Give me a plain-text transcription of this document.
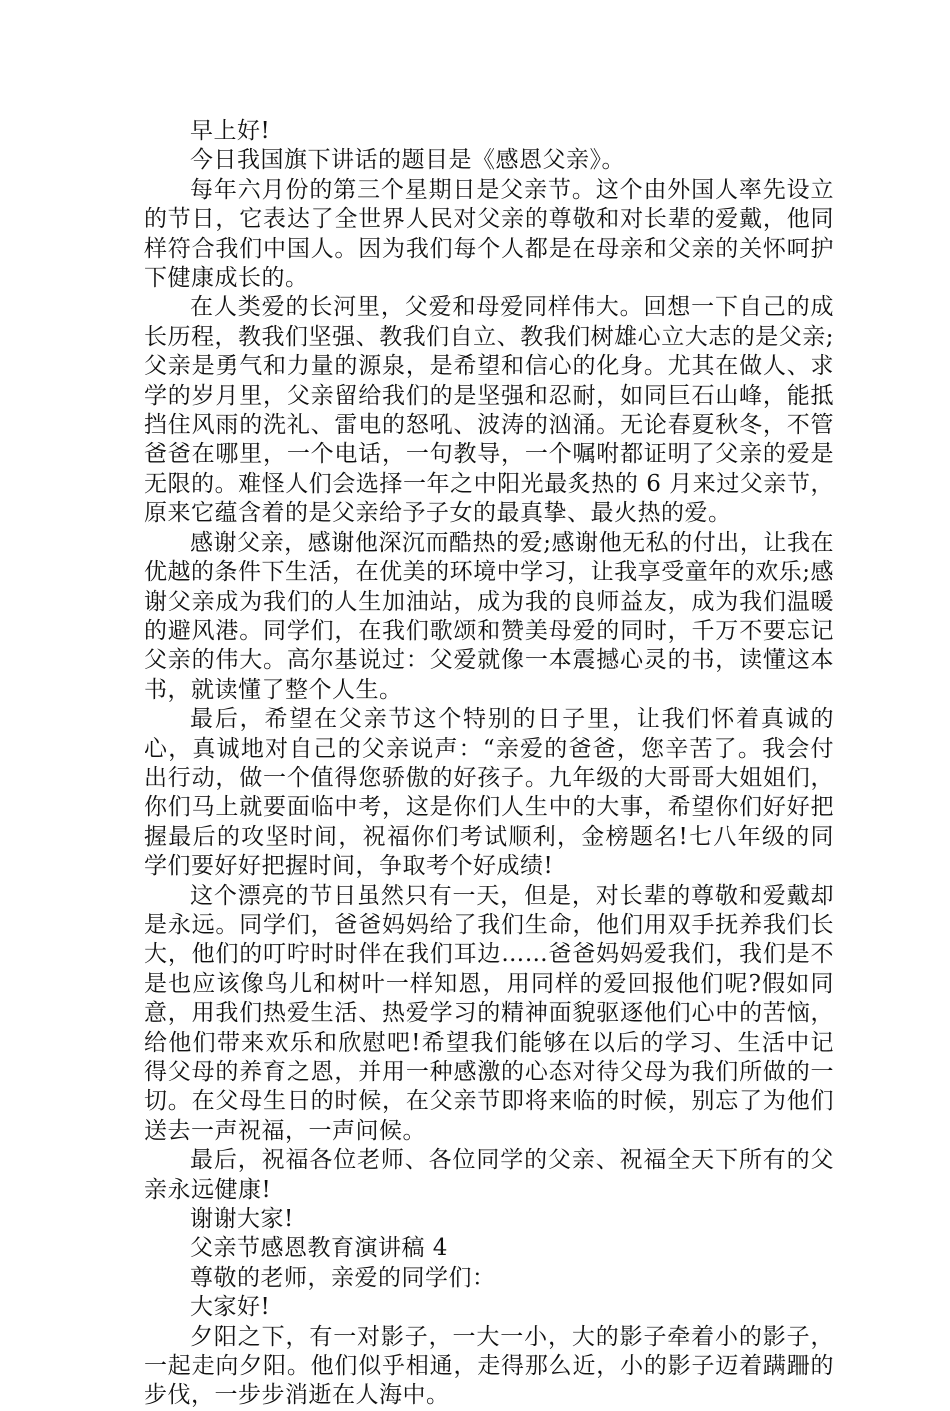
早上好!

今日我国旗下讲话的题目是《感恩父亲》。

每年六月份的第三个星期日是父亲节。这个由外国人率先设立的节日，它表达了全世界人民对父亲的尊敬和对长辈的爱戴，他同样符合我们中国人。因为我们每个人都是在母亲和父亲的关怀呵护下健康成长的。

在人类爱的长河里，父爱和母爱同样伟大。回想一下自己的成长历程，教我们坚强、教我们自立、教我们树雄心立大志的是父亲;父亲是勇气和力量的源泉，是希望和信心的化身。尤其在做人、求学的岁月里，父亲留给我们的是坚强和忍耐，如同巨石山峰，能抵挡住风雨的洗礼、雷电的怒吼、波涛的汹涌。无论春夏秋冬，不管爸爸在哪里，一个电话，一句教导，一个嘱咐都证明了父亲的爱是无限的。难怪人们会选择一年之中阳光最炙热的 6 月来过父亲节，原来它蕴含着的是父亲给予子女的最真挚、最火热的爱。

感谢父亲，感谢他深沉而酷热的爱;感谢他无私的付出，让我在优越的条件下生活，在优美的环境中学习，让我享受童年的欢乐;感谢父亲成为我们的人生加油站，成为我的良师益友，成为我们温暖的避风港。同学们，在我们歌颂和赞美母爱的同时，千万不要忘记父亲的伟大。高尔基说过：父爱就像一本震撼心灵的书，读懂这本书，就读懂了整个人生。

最后，希望在父亲节这个特别的日子里，让我们怀着真诚的心，真诚地对自己的父亲说声：“亲爱的爸爸，您辛苦了。我会付出行动，做一个值得您骄傲的好孩子。九年级的大哥哥大姐姐们，你们马上就要面临中考，这是你们人生中的大事，希望你们好好把握最后的攻坚时间，祝福你们考试顺利，金榜题名!七八年级的同学们要好好把握时间，争取考个好成绩!

这个漂亮的节日虽然只有一天，但是，对长辈的尊敬和爱戴却是永远。同学们，爸爸妈妈给了我们生命，他们用双手抚养我们长大，他们的叮咛时时伴在我们耳边……爸爸妈妈爱我们，我们是不是也应该像鸟儿和树叶一样知恩，用同样的爱回报他们呢?假如同意，用我们热爱生活、热爱学习的精神面貌驱逐他们心中的苦恼，给他们带来欢乐和欣慰吧!希望我们能够在以后的学习、生活中记得父母的养育之恩，并用一种感激的心态对待父母为我们所做的一切。在父母生日的时候，在父亲节即将来临的时候，别忘了为他们送去一声祝福，一声问候。

最后，祝福各位老师、各位同学的父亲、祝福全天下所有的父亲永远健康!

谢谢大家!

父亲节感恩教育演讲稿 4

尊敬的老师，亲爱的同学们：

大家好!

夕阳之下，有一对影子，一大一小，大的影子牵着小的影子，一起走向夕阳。他们似乎相通，走得那么近，小的影子迈着蹒跚的步伐，一步步消逝在人海中。
